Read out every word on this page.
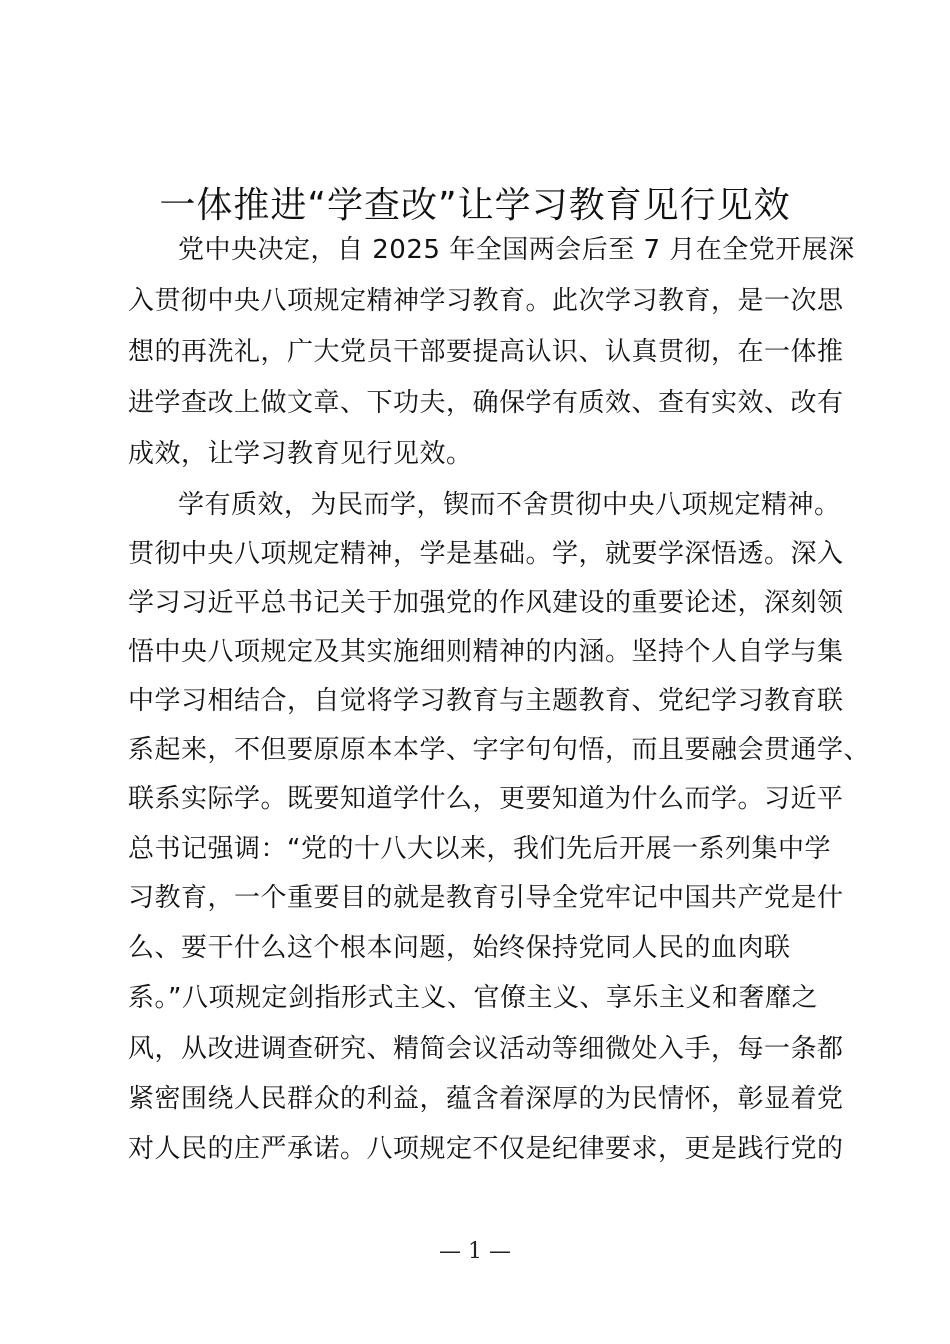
一体推进“学查改”让学习教育见行见效
党中央决定，自 2025 年全国两会后至 7 月在全党开展深
入贯彻中央八项规定精神学习教育。此次学习教育，是一次思
想的再洗礼，广大党员干部要提高认识、认真贯彻，在一体推
进学查改上做文章、下功夫，确保学有质效、查有实效、改有
成效，让学习教育见行见效。
学有质效，为民而学，锲而不舍贯彻中央八项规定精神。
贯彻中央八项规定精神，学是基础。学，就要学深悟透。深入
学习习近平总书记关于加强党的作风建设的重要论述，深刻领
悟中央八项规定及其实施细则精神的内涵。坚持个人自学与集
中学习相结合，自觉将学习教育与主题教育、党纪学习教育联
系起来，不但要原原本本学、字字句句悟，而且要融会贯通学、
联系实际学。既要知道学什么，更要知道为什么而学。习近平
总书记强调：“党的十八大以来，我们先后开展一系列集中学
习教育，一个重要目的就是教育引导全党牢记中国共产党是什
么、要干什么这个根本问题，始终保持党同人民的血肉联
系。”八项规定剑指形式主义、官僚主义、享乐主义和奢靡之
风，从改进调查研究、精简会议活动等细微处入手，每一条都
紧密围绕人民群众的利益，蕴含着深厚的为民情怀，彰显着党
对人民的庄严承诺。八项规定不仅是纪律要求，更是践行党的
— 1 —
